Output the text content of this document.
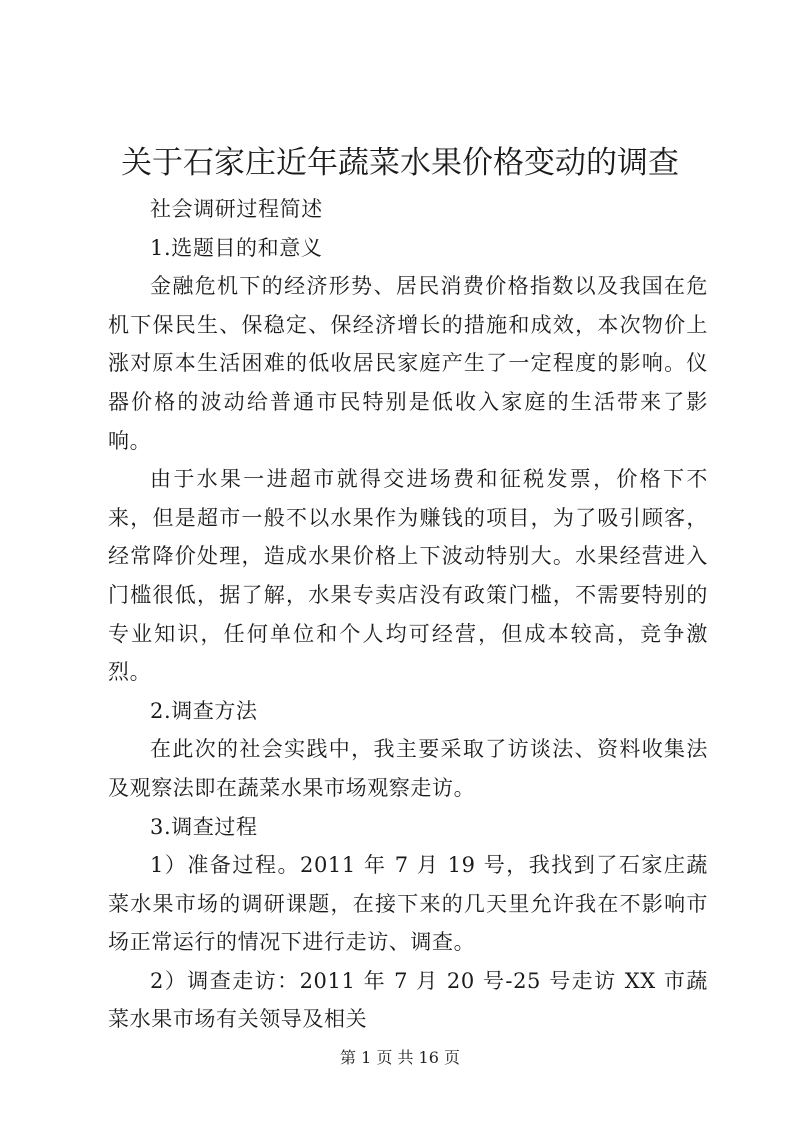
关于石家庄近年蔬菜水果价格变动的调查

社会调研过程简述

1.选题目的和意义

金融危机下的经济形势、居民消费价格指数以及我国在危机下保民生、保稳定、保经济增长的措施和成效，本次物价上涨对原本生活困难的低收居民家庭产生了一定程度的影响。仪器价格的波动给普通市民特别是低收入家庭的生活带来了影响。

由于水果一进超市就得交进场费和征税发票，价格下不来，但是超市一般不以水果作为赚钱的项目，为了吸引顾客，经常降价处理，造成水果价格上下波动特别大。水果经营进入门槛很低，据了解，水果专卖店没有政策门槛，不需要特别的专业知识，任何单位和个人均可经营，但成本较高，竞争激烈。

2.调查方法

在此次的社会实践中，我主要采取了访谈法、资料收集法及观察法即在蔬菜水果市场观察走访。

3.调查过程

1）准备过程。2011 年 7 月 19 号，我找到了石家庄蔬菜水果市场的调研课题，在接下来的几天里允许我在不影响市场正常运行的情况下进行走访、调查。

2）调查走访：2011 年 7 月 20 号-25 号走访 XX 市蔬菜水果市场有关领导及相关

第 1 页 共 16 页
